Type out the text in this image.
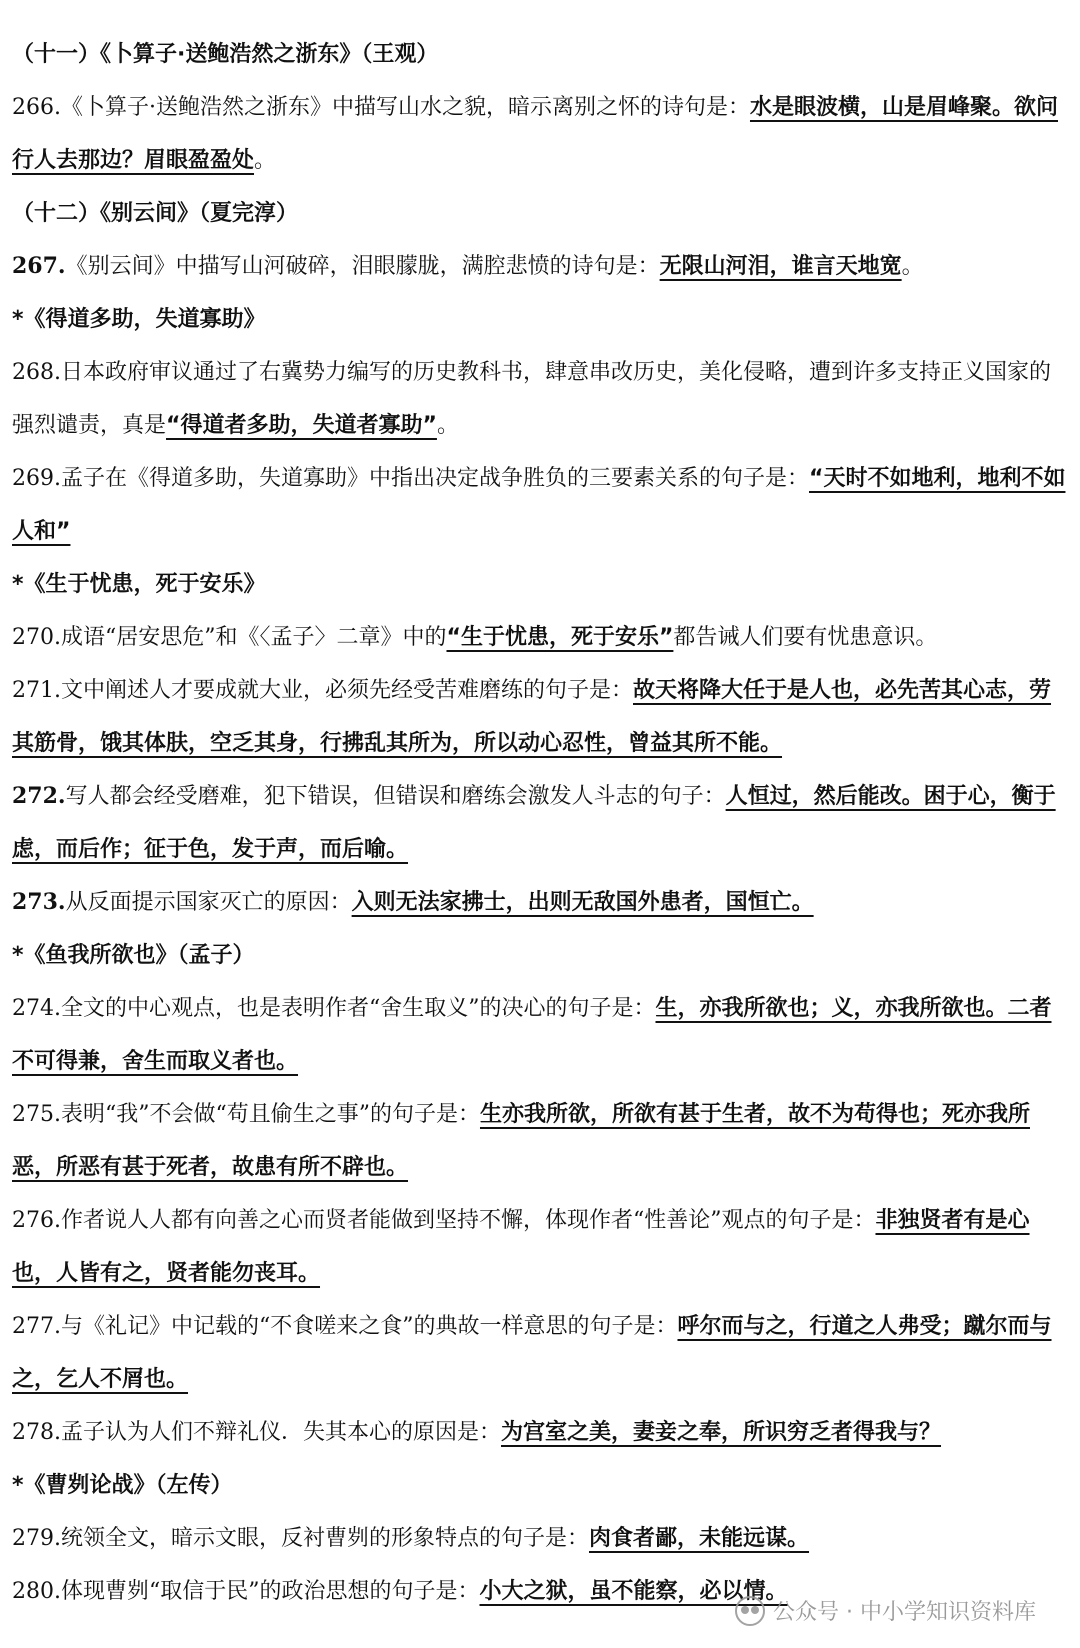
（十一）《卜算子·送鲍浩然之浙东》（王观）
266.《卜算子·送鲍浩然之浙东》中描写山水之貌，暗示离别之怀的诗句是：水是眼波横，山是眉峰聚。欲问行人去那边？眉眼盈盈处。
（十二）《别云间》（夏完淳）
267.《别云间》中描写山河破碎，泪眼朦胧，满腔悲愤的诗句是：无限山河泪，谁言天地宽。
*《得道多助，失道寡助》
268.日本政府审议通过了右冀势力编写的历史教科书，肆意串改历史，美化侵略，遭到许多支持正义国家的强烈谴责，真是“得道者多助，失道者寡助”。
269.孟子在《得道多助，失道寡助》中指出决定战争胜负的三要素关系的句子是：“天时不如地利，地利不如人和”
*《生于忧患，死于安乐》
270.成语“居安思危”和《〈孟子〉二章》中的“生于忧患，死于安乐”都告诫人们要有忧患意识。
271.文中阐述人才要成就大业，必须先经受苦难磨练的句子是：故天将降大任于是人也，必先苦其心志，劳其筋骨，饿其体肤，空乏其身，行拂乱其所为，所以动心忍性，曾益其所不能。
272.写人都会经受磨难，犯下错误，但错误和磨练会激发人斗志的句子：人恒过，然后能改。困于心，衡于虑，而后作；征于色，发于声，而后喻。
273.从反面提示国家灭亡的原因：入则无法家拂士，出则无敌国外患者，国恒亡。
*《鱼我所欲也》（孟子）
274.全文的中心观点，也是表明作者“舍生取义”的决心的句子是：生，亦我所欲也；义，亦我所欲也。二者不可得兼，舍生而取义者也。
275.表明“我”不会做“苟且偷生之事”的句子是：生亦我所欲，所欲有甚于生者，故不为苟得也；死亦我所恶，所恶有甚于死者，故患有所不辟也。
276.作者说人人都有向善之心而贤者能做到坚持不懈，体现作者“性善论”观点的句子是：非独贤者有是心也，人皆有之，贤者能勿丧耳。
277.与《礼记》中记载的“不食嗟来之食”的典故一样意思的句子是：呼尔而与之，行道之人弗受；蹴尔而与之，乞人不屑也。
278.孟子认为人们不辩礼仪．失其本心的原因是：为宫室之美，妻妾之奉，所识穷乏者得我与？
*《曹刿论战》（左传）
279.统领全文，暗示文眼，反衬曹刿的形象特点的句子是：肉食者鄙，未能远谋。
280.体现曹刿“取信于民”的政治思想的句子是：小大之狱，虽不能察，必以情。
公众号 · 中小学知识资料库
